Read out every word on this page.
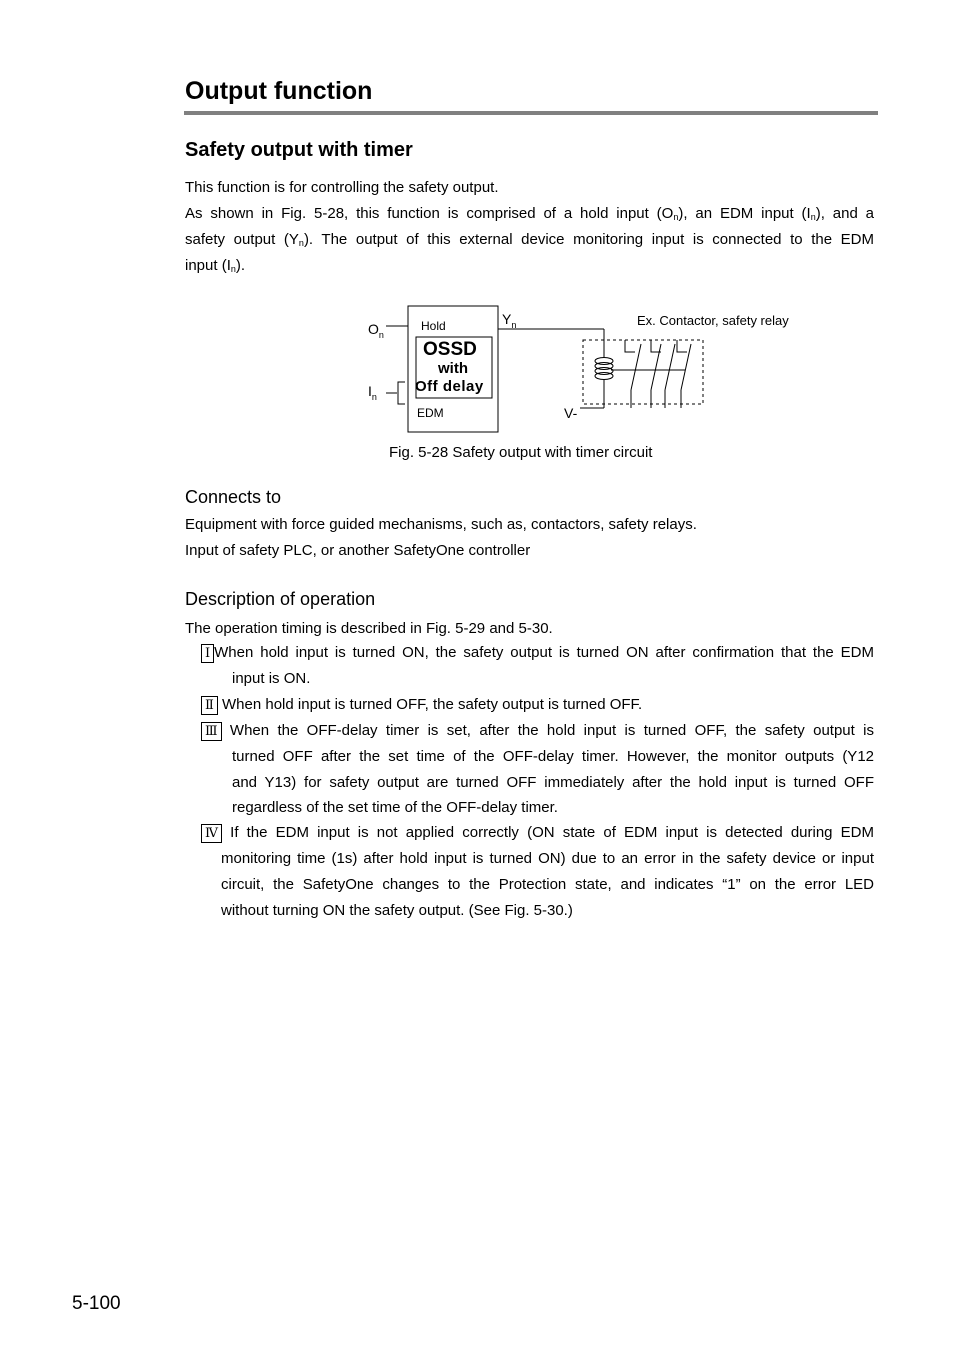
Output function
Safety output with timer
This function is for controlling the safety output.
As shown in Fig. 5-28, this function is comprised of a hold input $(O_n)$, an EDM input $(I_n)$, and a
safety output $(Y_n)$. The output of this external device monitoring input is connected to the EDM
input $(I_n)$.
Hold
OSSD
with
Off delay
EDM
$O_n$
$I_n$
$Y_n$
V-
Ex. Contactor, safety relay
Fig. 5-28 Safety output with timer circuit
Connects to
Equipment with force guided mechanisms, such as, contactors, safety relays.
Input of safety PLC, or another SafetyOne controller
Description of operation
The operation timing is described in Fig. 5-29 and 5-30.
Ⅰ When hold input is turned ON, the safety output is turned ON after confirmation that the EDM
input is ON.
Ⅱ When hold input is turned OFF, the safety output is turned OFF.
Ⅲ When the OFF-delay timer is set, after the hold input is turned OFF, the safety output is
turned OFF after the set time of the OFF-delay timer. However, the monitor outputs (Y12
and Y13) for safety output are turned OFF immediately after the hold input is turned OFF
regardless of the set time of the OFF-delay timer.
Ⅳ If the EDM input is not applied correctly (ON state of EDM input is detected during EDM
monitoring time (1s) after hold input is turned ON) due to an error in the safety device or input
circuit, the SafetyOne changes to the Protection state, and indicates “1” on the error LED
without turning ON the safety output. (See Fig. 5-30.)
5-100
